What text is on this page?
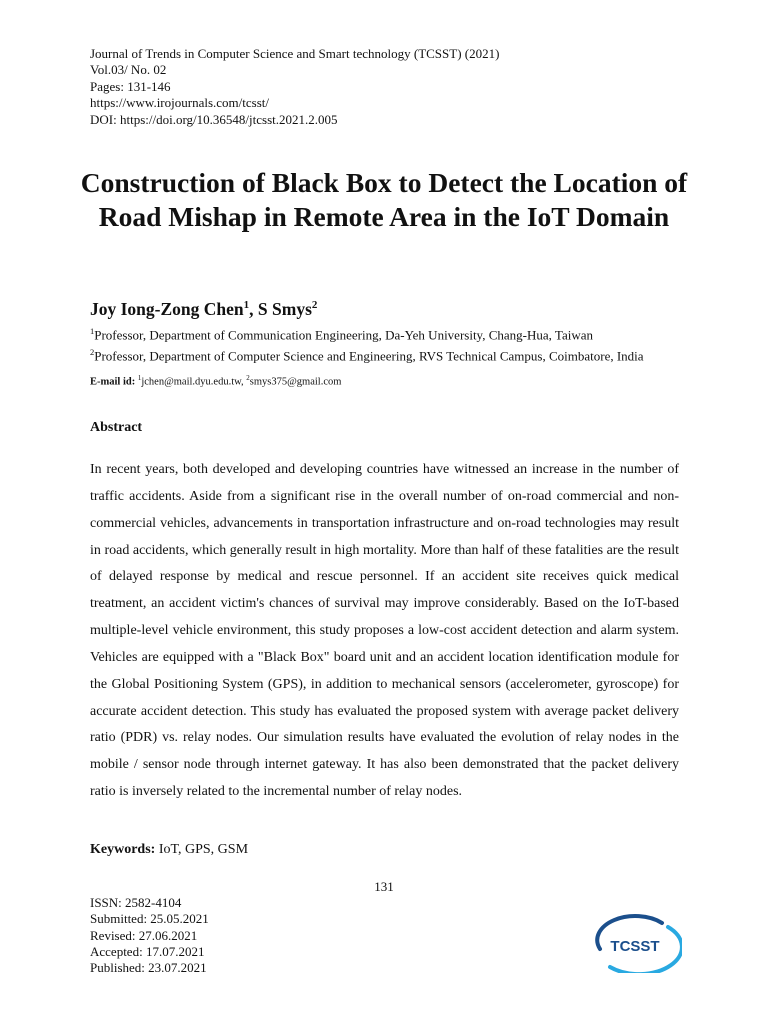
Journal of Trends in Computer Science and Smart technology (TCSST) (2021)
Vol.03/ No. 02
Pages: 131-146
https://www.irojournals.com/tcsst/
DOI: https://doi.org/10.36548/jtcsst.2021.2.005
Construction of Black Box to Detect the Location of Road Mishap in Remote Area in the IoT Domain
Joy Iong-Zong Chen$^1$, S Smys$^2$
$^1$Professor, Department of Communication Engineering, Da-Yeh University, Chang-Hua, Taiwan
$^2$Professor, Department of Computer Science and Engineering, RVS Technical Campus, Coimbatore, India
E-mail id: $^1$jchen@mail.dyu.edu.tw, $^2$smys375@gmail.com
Abstract

In recent years, both developed and developing countries have witnessed an increase in the number of traffic accidents. Aside from a significant rise in the overall number of on-road commercial and non-commercial vehicles, advancements in transportation infrastructure and on-road technologies may result in road accidents, which generally result in high mortality. More than half of these fatalities are the result of delayed response by medical and rescue personnel. If an accident site receives quick medical treatment, an accident victim's chances of survival may improve considerably. Based on the IoT-based multiple-level vehicle environment, this study proposes a low-cost accident detection and alarm system. Vehicles are equipped with a "Black Box" board unit and an accident location identification module for the Global Positioning System (GPS), in addition to mechanical sensors (accelerometer, gyroscope) for accurate accident detection. This study has evaluated the proposed system with average packet delivery ratio (PDR) vs. relay nodes. Our simulation results have evaluated the evolution of relay nodes in the mobile / sensor node through internet gateway. It has also been demonstrated that the packet delivery ratio is inversely related to the incremental number of relay nodes.

Keywords: IoT, GPS, GSM
131
ISSN: 2582-4104
Submitted: 25.05.2021
Revised: 27.06.2021
Accepted: 17.07.2021
Published: 23.07.2021
TCSST
